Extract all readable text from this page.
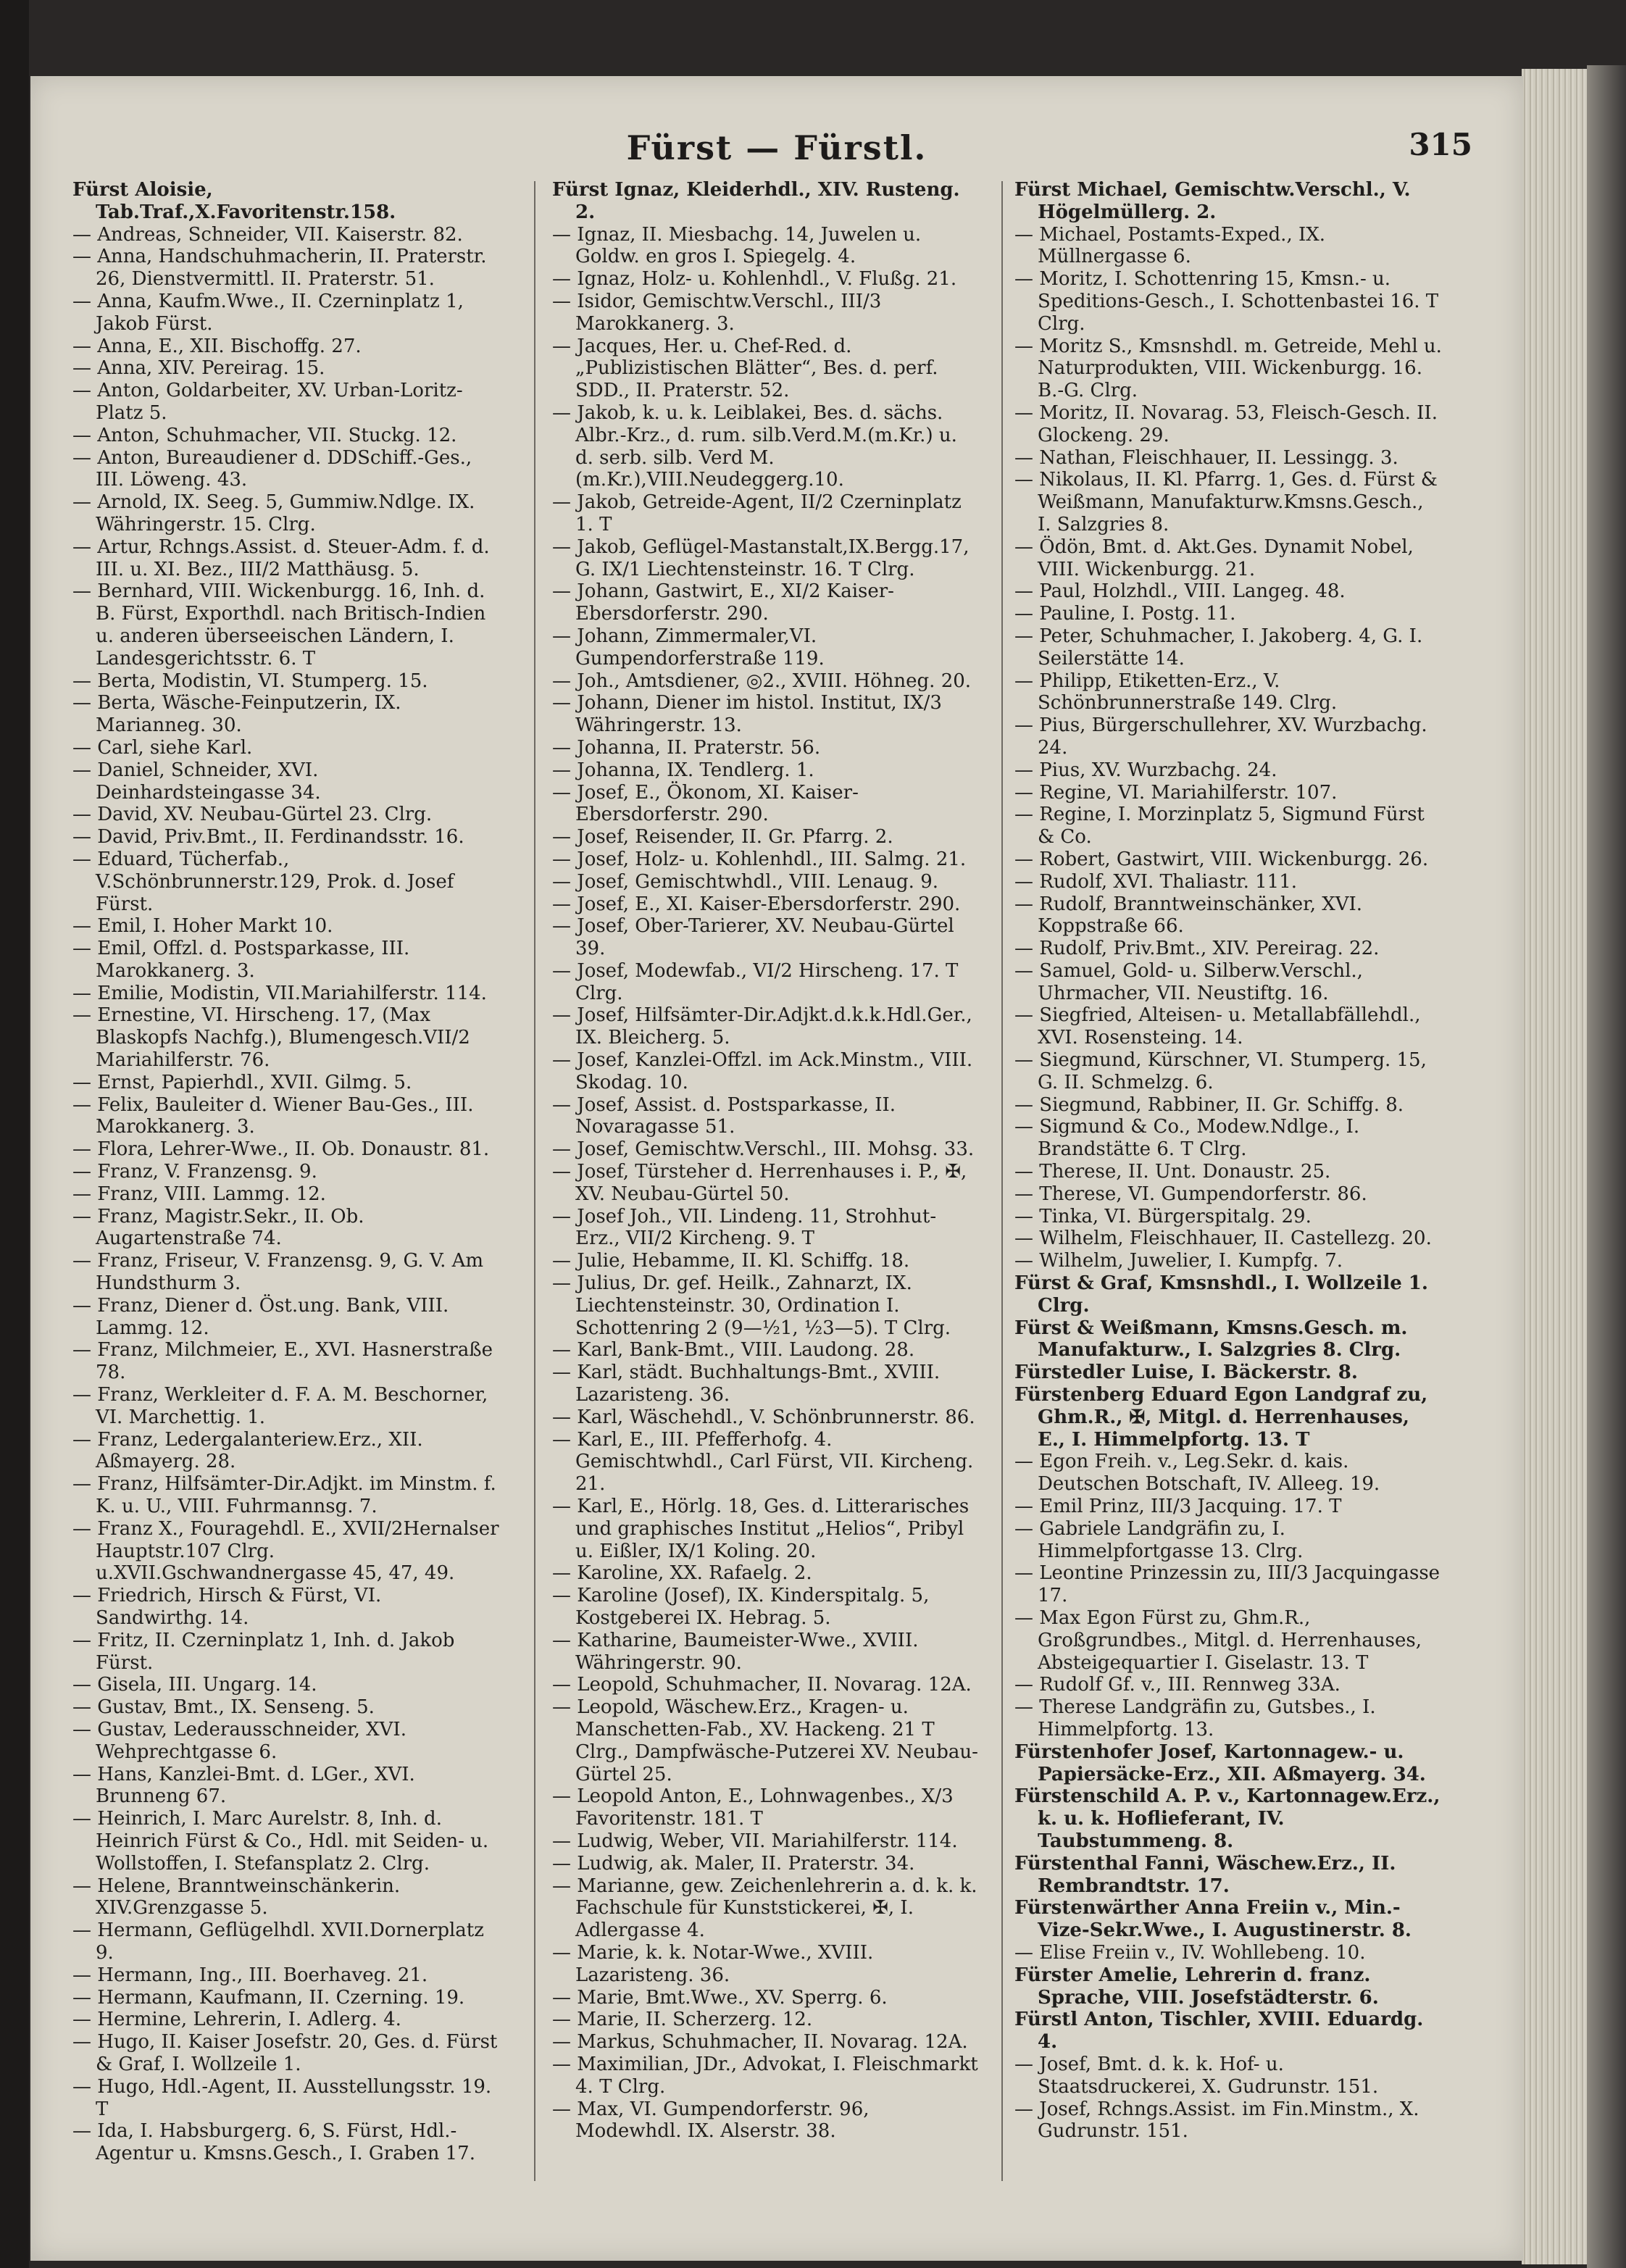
Fürst — Fürstl.	315

Fürst Aloisie, Tab.Traf.,X.Favoritenstr.158.

— Andreas, Schneider, VII. Kaiserstr. 82.

— Anna, Handschuhmacherin, II. Praterstr. 26, Dienstvermittl. II. Praterstr. 51.

— Anna, Kaufm.Wwe., II. Czerninplatz 1, Jakob Fürst.

— Anna, E., XII. Bischoffg. 27.

— Anna, XIV. Pereirag. 15.

— Anton, Goldarbeiter, XV. Urban-Loritz-Platz 5.

— Anton, Schuhmacher, VII. Stuckg. 12.

— Anton, Bureaudiener d. DDSchiff.-Ges., III. Löweng. 43.

— Arnold, IX. Seeg. 5, Gummiw.Ndlge. IX. Währingerstr. 15. Clrg.

— Artur, Rchngs.Assist. d. Steuer-Adm. f. d. III. u. XI. Bez., III/2 Matthäusg. 5.

— Bernhard, VIII. Wickenburgg. 16, Inh. d. B. Fürst, Exporthdl. nach Britisch-Indien u. anderen überseeischen Ländern, I. Landesgerichtsstr. 6. T

— Berta, Modistin, VI. Stumperg. 15.

— Berta, Wäsche-Feinputzerin, IX. Mariannеg. 30.

— Carl, siehe Karl.

— Daniel, Schneider, XVI. Deinhardsteingasse 34.

— David, XV. Neubau-Gürtel 23. Clrg.

— David, Priv.Bmt., II. Ferdinandsstr. 16.

— Eduard, Tücherfab., V.Schönbrunnerstr.129, Prok. d. Josef Fürst.

— Emil, I. Hoher Markt 10.

— Emil, Offzl. d. Postsparkasse, III. Marokkanerg. 3.

— Emilie, Modistin, VII.Mariahilferstr. 114.

— Ernestine, VI. Hirscheng. 17, (Max Blaskopfs Nachfg.), Blumengesch.VII/2 Mariahilferstr. 76.

— Ernst, Papierhdl., XVII. Gilmg. 5.

— Felix, Bauleiter d. Wiener Bau-Ges., III. Marokkanerg. 3.

— Flora, Lehrer-Wwe., II. Ob. Donaustr. 81.

— Franz, V. Franzensg. 9.

— Franz, VIII. Lammg. 12.

— Franz, Magistr.Sekr., II. Ob. Augartenstraße 74.

— Franz, Friseur, V. Franzensg. 9, G. V. Am Hundsthurm 3.

— Franz, Diener d. Öst.ung. Bank, VIII. Lammg. 12.

— Franz, Milchmeier, E., XVI. Hasnerstraße 78.

— Franz, Werkleiter d. F. A. M. Beschorner, VI. Marchettig. 1.

— Franz, Ledergalanteriew.Erz., XII. Aßmayerg. 28.

— Franz, Hilfsämter-Dir.Adjkt. im Minstm. f. K. u. U., VIII. Fuhrmannsg. 7.

— Franz X., Fouragehdl. E., XVII/2Hernalser Hauptstr.107 Clrg. u.XVII.Gschwandnergasse 45, 47, 49.

— Friedrich, Hirsch & Fürst, VI. Sandwirthg. 14.

— Fritz, II. Czerninplatz 1, Inh. d. Jakob Fürst.

— Gisela, III. Ungarg. 14.

— Gustav, Bmt., IX. Senseng. 5.

— Gustav, Lederausschneider, XVI. Wehprechtgasse 6.

— Hans, Kanzlei-Bmt. d. LGer., XVI. Brunnеng 67.

— Heinrich, I. Marc Aurelstr. 8, Inh. d. Heinrich Fürst & Co., Hdl. mit Seiden- u. Wollstoffen, I. Stefansplatz 2. Clrg.

— Helene, Branntweinschänkerin. XIV.Grenzgasse 5.

— Hermann, Geflügelhdl. XVII.Dornerplatz 9.

— Hermann, Ing., III. Boerhaveg. 21.

— Hermann, Kaufmann, II. Czerning. 19.

— Hermine, Lehrerin, I. Adlerg. 4.

— Hugo, II. Kaiser Josefstr. 20, Ges. d. Fürst & Graf, I. Wollzeile 1.

— Hugo, Hdl.-Agent, II. Ausstellungsstr. 19. T

— Ida, I. Habsburgerg. 6, S. Fürst, Hdl.-Agentur u. Kmsns.Gesch., I. Graben 17.

Fürst Ignaz, Kleiderhdl., XIV. Rusteng. 2.

— Ignaz, II. Miesbachg. 14, Juwelen u. Goldw. en gros I. Spiegelg. 4.

— Ignaz, Holz- u. Kohlenhdl., V. Flußg. 21.

— Isidor, Gemischtw.Verschl., III/3 Marokkanerg. 3.

— Jacques, Her. u. Chef-Red. d. „Publizistischen Blätter“, Bes. d. perf. SDD., II. Praterstr. 52.

— Jakob, k. u. k. Leiblakei, Bes. d. sächs. Albr.-Krz., d. rum. silb.Verd.M.(m.Kr.) u. d. serb. silb. Verd M. (m.Kr.),VIII.Neudeggerg.10.

— Jakob, Getreide-Agent, II/2 Czerninplatz 1. T

— Jakob, Geflügel-Mastanstalt,IX.Bergg.17, G. IX/1 Liechtensteinstr. 16. T Clrg.

— Johann, Gastwirt, E., XI/2 Kaiser-Ebersdorferstr. 290.

— Johann, Zimmermaler,VI. Gumpendorferstraße 119.

— Joh., Amtsdiener, ◎2., XVIII. Höhneg. 20.

— Johann, Diener im histol. Institut, IX/3 Währingerstr. 13.

— Johanna, II. Praterstr. 56.

— Johanna, IX. Tendlerg. 1.

— Josef, E., Ökonom, XI. Kaiser-Ebersdorferstr. 290.

— Josef, Reisender, II. Gr. Pfarrg. 2.

— Josef, Holz- u. Kohlenhdl., III. Salmg. 21.

— Josef, Gemischtwhdl., VIII. Lenaug. 9.

— Josef, E., XI. Kaiser-Ebersdorferstr. 290.

— Josef, Ober-Tarierer, XV. Neubau-Gürtel 39.

— Josef, Modewfab., VI/2 Hirscheng. 17. T Clrg.

— Josef, Hilfsämter-Dir.Adjkt.d.k.k.Hdl.Ger., IX. Bleicherg. 5.

— Josef, Kanzlei-Offzl. im Ack.Minstm., VIII. Skodag. 10.

— Josef, Assist. d. Postsparkasse, II. Novaragasse 51.

— Josef, Gemischtw.Verschl., III. Mohsg. 33.

— Josef, Türsteher d. Herrenhauses i. P., ✠, XV. Neubau-Gürtel 50.

— Josef Joh., VII. Lindeng. 11, Strohhut-Erz., VII/2 Kircheng. 9. T

— Julie, Hebamme, II. Kl. Schiffg. 18.

— Julius, Dr. gef. Heilk., Zahnarzt, IX. Liechtensteinstr. 30, Ordination I. Schottenring 2 (9—½1, ½3—5). T Clrg.

— Karl, Bank-Bmt., VIII. Laudong. 28.

— Karl, städt. Buchhaltungs-Bmt., XVIII. Lazaristeng. 36.

— Karl, Wäschehdl., V. Schönbrunnerstr. 86.

— Karl, E., III. Pfefferhofg. 4. Gemischtwhdl., Carl Fürst, VII. Kircheng. 21.

— Karl, E., Hörlg. 18, Ges. d. Litterarisches und graphisches Institut „Helios“, Pribyl u. Eißler, IX/1 Koling. 20.

— Karoline, XX. Rafaelg. 2.

— Karoline (Josef), IX. Kinderspitalg. 5, Kostgeberei IX. Hebrag. 5.

— Katharine, Baumeister-Wwe., XVIII. Währingerstr. 90.

— Leopold, Schuhmacher, II. Novarag. 12A.

— Leopold, Wäschew.Erz., Kragen- u. Manschetten-Fab., XV. Hackeng. 21 T Clrg., Dampfwäsche-Putzerei XV. Neubau-Gürtel 25.

— Leopold Anton, E., Lohnwagenbes., X/3 Favoritenstr. 181. T

— Ludwig, Weber, VII. Mariahilferstr. 114.

— Ludwig, ak. Maler, II. Praterstr. 34.

— Marianne, gew. Zeichenlehrerin a. d. k. k. Fachschule für Kunststickerei, ✠, I. Adlergasse 4.

— Marie, k. k. Notar-Wwe., XVIII. Lazaristeng. 36.

— Marie, Bmt.Wwe., XV. Sperrg. 6.

— Marie, II. Scherzerg. 12.

— Markus, Schuhmacher, II. Novarag. 12A.

— Maximilian, JDr., Advokat, I. Fleischmarkt 4. T Clrg.

— Max, VI. Gumpendorferstr. 96, Modewhdl. IX. Alserstr. 38.

Fürst Michael, Gemischtw.Verschl., V. Högelmüllerg. 2.

— Michael, Postamts-Exped., IX. Müllnergasse 6.

— Moritz, I. Schottenring 15, Kmsn.- u. Speditions-Gesch., I. Schottenbastei 16. T Clrg.

— Moritz S., Kmsnshdl. m. Getreide, Mehl u. Naturprodukten, VIII. Wickenburgg. 16. B.-G. Clrg.

— Moritz, II. Novarag. 53, Fleisch-Gesch. II. Glockeng. 29.

— Nathan, Fleischhauer, II. Lessingg. 3.

— Nikolaus, II. Kl. Pfarrg. 1, Ges. d. Fürst & Weißmann, Manufakturw.Kmsns.Gesch., I. Salzgries 8.

— Ödön, Bmt. d. Akt.Ges. Dynamit Nobel, VIII. Wickenburgg. 21.

— Paul, Holzhdl., VIII. Langeg. 48.

— Pauline, I. Postg. 11.

— Peter, Schuhmacher, I. Jakoberg. 4, G. I. Seilerstätte 14.

— Philipp, Etiketten-Erz., V. Schönbrunnerstraße 149. Clrg.

— Pius, Bürgerschullehrer, XV. Wurzbachg. 24.

— Pius, XV. Wurzbachg. 24.

— Regine, VI. Mariahilferstr. 107.

— Regine, I. Morzinplatz 5, Sigmund Fürst & Co.

— Robert, Gastwirt, VIII. Wickenburgg. 26.

— Rudolf, XVI. Thaliastr. 111.

— Rudolf, Branntweinschänker, XVI. Koppstraße 66.

— Rudolf, Priv.Bmt., XIV. Pereirag. 22.

— Samuel, Gold- u. Silberw.Verschl., Uhrmacher, VII. Neustiftg. 16.

— Siegfried, Alteisen- u. Metallabfällehdl., XVI. Rosensteing. 14.

— Siegmund, Kürschner, VI. Stumperg. 15, G. II. Schmelzg. 6.

— Siegmund, Rabbiner, II. Gr. Schiffg. 8.

— Sigmund & Co., Modew.Ndlge., I. Brandstätte 6. T Clrg.

— Therese, II. Unt. Donaustr. 25.

— Therese, VI. Gumpendorferstr. 86.

— Tinka, VI. Bürgerspitalg. 29.

— Wilhelm, Fleischhauer, II. Castellezg. 20.

— Wilhelm, Juwelier, I. Kumpfg. 7.

Fürst & Graf, Kmsnshdl., I. Wollzeile 1. Clrg.

Fürst & Weißmann, Kmsns.Gesch. m. Manufakturw., I. Salzgries 8. Clrg.

Fürstedler Luise, I. Bäckerstr. 8.

Fürstenberg Eduard Egon Landgraf zu, Ghm.R., ✠, Mitgl. d. Herrenhauses, E., I. Himmelpfortg. 13. T

— Egon Freih. v., Leg.Sekr. d. kais. Deutschen Botschaft, IV. Alleeg. 19.

— Emil Prinz, III/3 Jacquing. 17. T

— Gabriele Landgräfin zu, I. Himmelpfortgasse 13. Clrg.

— Leontine Prinzessin zu, III/3 Jacquingasse 17.

— Max Egon Fürst zu, Ghm.R., Großgrundbes., Mitgl. d. Herrenhauses, Absteigequartier I. Giselastr. 13. T

— Rudolf Gf. v., III. Rennweg 33A.

— Therese Landgräfin zu, Gutsbes., I. Himmelpfortg. 13.

Fürstenhofer Josef, Kartonnagew.- u. Papiersäcke-Erz., XII. Aßmayerg. 34.

Fürstenschild A. P. v., Kartonnagew.Erz., k. u. k. Hoflieferant, IV. Taubstummeng. 8.

Fürstenthal Fanni, Wäschew.Erz., II. Rembrandtstr. 17.

Fürstenwärther Anna Freiin v., Min.-Vize-Sekr.Wwe., I. Augustinerstr. 8.

— Elise Freiin v., IV. Wohllebeng. 10.

Fürster Amelie, Lehrerin d. franz. Sprache, VIII. Josefstädterstr. 6.

Fürstl Anton, Tischler, XVIII. Eduardg. 4.

— Josef, Bmt. d. k. k. Hof- u. Staatsdruckerei, X. Gudrunstr. 151.

— Josef, Rchngs.Assist. im Fin.Minstm., X. Gudrunstr. 151.
